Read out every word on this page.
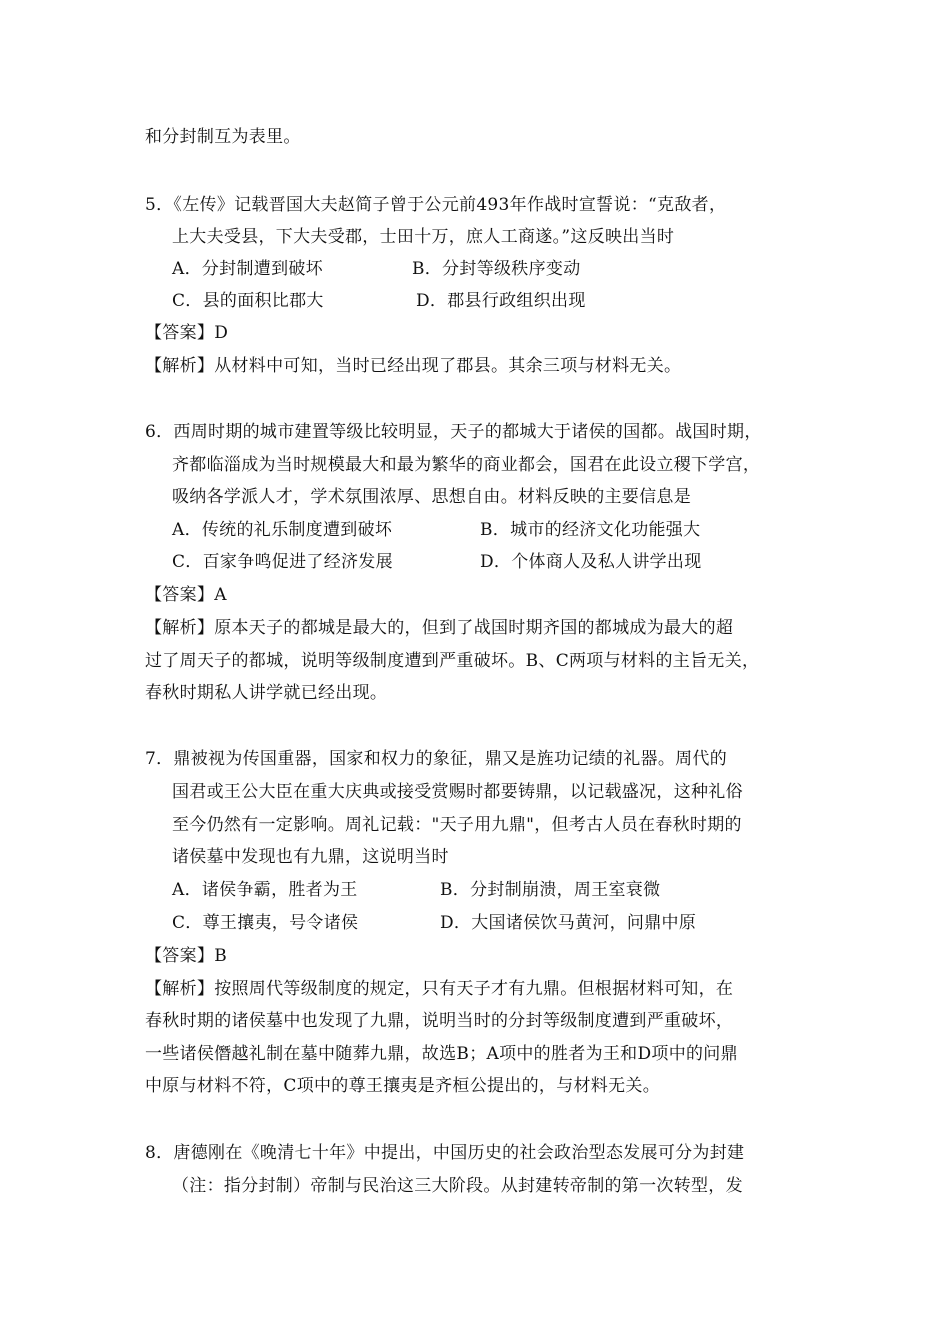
和分封制互为表里。
5．《左传》记载晋国大夫赵简子曾于公元前493年作战时宣誓说：“克敌者，
上大夫受县，下大夫受郡，士田十万，庶人工商遂。”这反映出当时
A．分封制遭到破坏	B．分封等级秩序变动
C．县的面积比郡大	D．郡县行政组织出现
【答案】D
【解析】从材料中可知，当时已经出现了郡县。其余三项与材料无关。
6．西周时期的城市建置等级比较明显，天子的都城大于诸侯的国都。战国时期，
齐都临淄成为当时规模最大和最为繁华的商业都会，国君在此设立稷下学宫，
吸纳各学派人才，学术氛围浓厚、思想自由。材料反映的主要信息是
A．传统的礼乐制度遭到破坏	B．城市的经济文化功能强大
C．百家争鸣促进了经济发展	D．个体商人及私人讲学出现
【答案】A
【解析】原本天子的都城是最大的，但到了战国时期齐国的都城成为最大的超
过了周天子的都城，说明等级制度遭到严重破坏。B、C两项与材料的主旨无关，
春秋时期私人讲学就已经出现。
7．鼎被视为传国重器，国家和权力的象征，鼎又是旌功记绩的礼器。周代的
国君或王公大臣在重大庆典或接受赏赐时都要铸鼎，以记载盛况，这种礼俗
至今仍然有一定影响。周礼记载："天子用九鼎"，但考古人员在春秋时期的
诸侯墓中发现也有九鼎，这说明当时
A．诸侯争霸，胜者为王	B．分封制崩溃，周王室衰微
C．尊王攘夷，号令诸侯	D．大国诸侯饮马黄河，问鼎中原
【答案】B
【解析】按照周代等级制度的规定，只有天子才有九鼎。但根据材料可知，在
春秋时期的诸侯墓中也发现了九鼎，说明当时的分封等级制度遭到严重破坏，
一些诸侯僭越礼制在墓中随葬九鼎，故选B；A项中的胜者为王和D项中的问鼎
中原与材料不符，C项中的尊王攘夷是齐桓公提出的，与材料无关。
8．唐德刚在《晚清七十年》中提出，中国历史的社会政治型态发展可分为封建
（注：指分封制）帝制与民治这三大阶段。从封建转帝制的第一次转型，发
